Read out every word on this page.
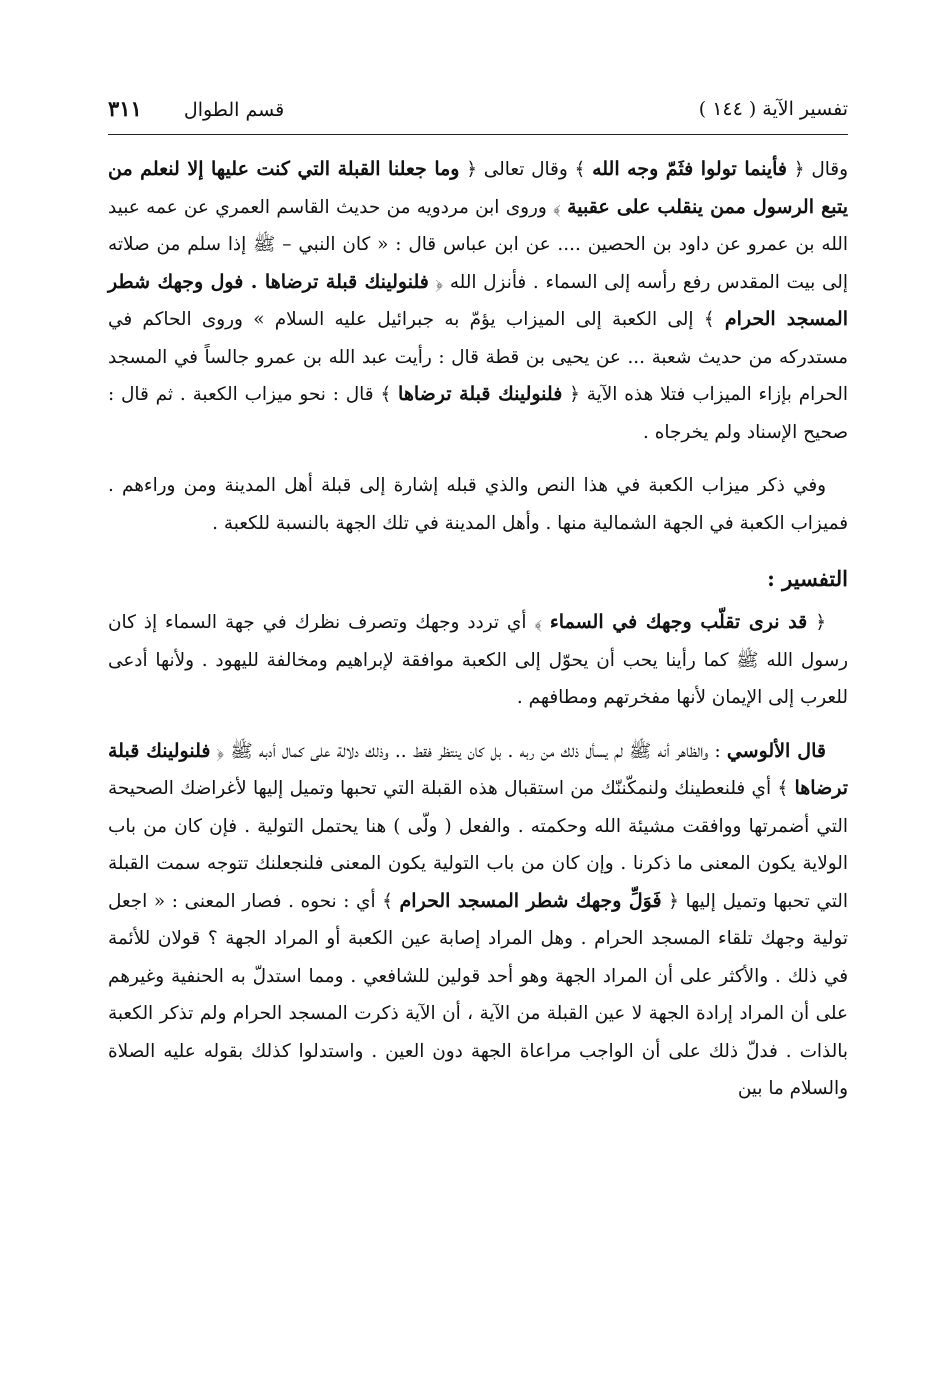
تفسير الآية ( ١٤٤ )
قسم الطوال ٣١١

وقال ﴿ فأينما تولوا فثَمّ وجه الله ﴾ وقال تعالى ﴿ وما جعلنا القبلة التي كنت عليها إلا لنعلم من يتبع الرسول ممن ينقلب على عقبية ﴾ وروى ابن مردويه من حديث القاسم العمري عن عمه عبيد الله بن عمرو عن داود بن الحصين .... عن ابن عباس قال : « كان النبي – ﷺ إذا سلم من صلاته إلى بيت المقدس رفع رأسه إلى السماء . فأنزل الله ﴿ فلنولينك قبلة ترضاها . فول وجهك شطر المسجد الحرام ﴾ إلى الكعبة إلى الميزاب يؤمّ به جبرائيل عليه السلام » وروى الحاكم في مستدركه من حديث شعبة ... عن يحيى بن قطة قال : رأيت عبد الله بن عمرو جالساً في المسجد الحرام بإزاء الميزاب فتلا هذه الآية ﴿ فلنولينك قبلة ترضاها ﴾ قال : نحو ميزاب الكعبة . ثم قال : صحيح الإسناد ولم يخرجاه .

وفي ذكر ميزاب الكعبة في هذا النص والذي قبله إشارة إلى قبلة أهل المدينة ومن وراءهم . فميزاب الكعبة في الجهة الشمالية منها . وأهل المدينة في تلك الجهة بالنسبة للكعبة .

التفسير :

﴿ قد نرى تقلّب وجهك في السماء ﴾ أي تردد وجهك وتصرف نظرك في جهة السماء إذ كان رسول الله ﷺ كما رأينا يحب أن يحوّل إلى الكعبة موافقة لإبراهيم ومخالفة لليهود . ولأنها أدعى للعرب إلى الإيمان لأنها مفخرتهم ومطافهم .

قال الألوسي : والظاهر أنه ﷺ لم يسأل ذلك من ربه . بل كان ينتظر فقط .. وذلك دلالة على كمال أدبه ﷺ ﴿ فلنولينك قبلة ترضاها ﴾ أي فلنعطينك ولنمكّننّك من استقبال هذه القبلة التي تحبها وتميل إليها لأغراضك الصحيحة التي أضمرتها ووافقت مشيئة الله وحكمته . والفعل ( ولّى ) هنا يحتمل التولية . فإن كان من باب الولاية يكون المعنى ما ذكرنا . وإن كان من باب التولية يكون المعنى فلنجعلنك تتوجه سمت القبلة التي تحبها وتميل إليها ﴿ فَوَلِّ وجهك شطر المسجد الحرام ﴾ أي : نحوه . فصار المعنى : « اجعل تولية وجهك تلقاء المسجد الحرام . وهل المراد إصابة عين الكعبة أو المراد الجهة ؟ قولان للأئمة في ذلك . والأكثر على أن المراد الجهة وهو أحد قولين للشافعي . ومما استدلّ به الحنفية وغيرهم على أن المراد إرادة الجهة لا عين القبلة من الآية ، أن الآية ذكرت المسجد الحرام ولم تذكر الكعبة بالذات . فدلّ ذلك على أن الواجب مراعاة الجهة دون العين . واستدلوا كذلك بقوله عليه الصلاة والسلام ما بين
